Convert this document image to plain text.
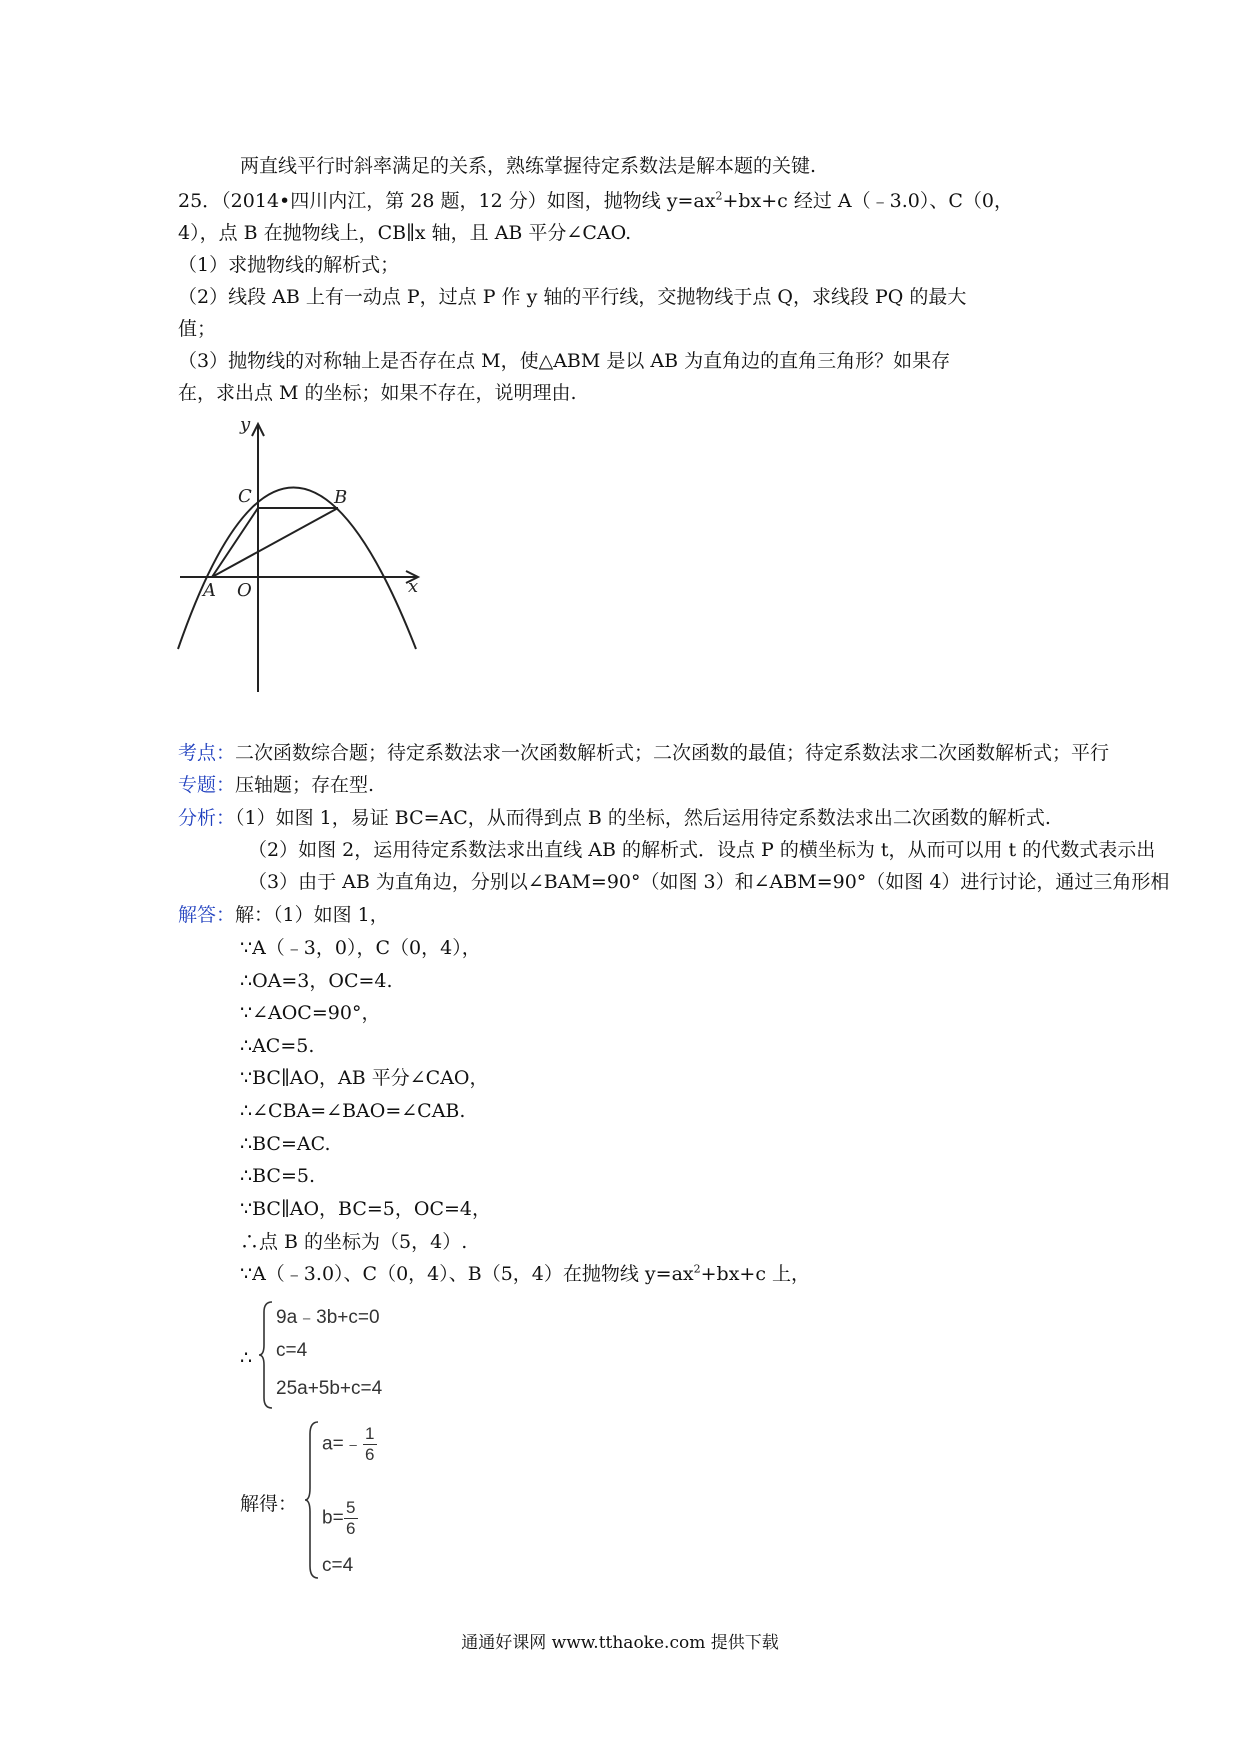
两直线平行时斜率满足的关系，熟练掌握待定系数法是解本题的关键.
25．（2014•四川内江，第 28 题，12 分）如图，抛物线 $y=ax^2+bx+c$ 经过 A（﹣3.0）、C（0，
4），点 B 在抛物线上，CB∥x 轴，且 AB 平分∠CAO.
（1）求抛物线的解析式；
（2）线段 AB 上有一动点 P，过点 P 作 y 轴的平行线，交抛物线于点 Q，求线段 PQ 的最大
值；
（3）抛物线的对称轴上是否存在点 M，使△ABM 是以 AB 为直角边的直角三角形？如果存
在，求出点 M 的坐标；如果不存在，说明理由.
y
x
C	B
A O
考点：二次函数综合题；待定系数法求一次函数解析式；二次函数的最值；待定系数法求二次函数解析式；平行
专题：压轴题；存在型.
分析：（1）如图 1，易证 BC=AC，从而得到点 B 的坐标，然后运用待定系数法求出二次函数的解析式.
（2）如图 2，运用待定系数法求出直线 AB 的解析式．设点 P 的横坐标为 t，从而可以用 t 的代数式表示出
（3）由于 AB 为直角边，分别以∠BAM=90°（如图 3）和∠ABM=90°（如图 4）进行讨论，通过三角形相
解答：解：（1）如图 1，
∵A（﹣3，0），C（0，4），
∴OA=3，OC=4.
∵∠AOC=90°，
∴AC=5.
∵BC∥AO，AB 平分∠CAO，
∴∠CBA=∠BAO=∠CAB.
∴BC=AC.
∴BC=5.
∵BC∥AO，BC=5，OC=4，
∴点 B 的坐标为（5，4）.
∵A（﹣3.0）、C（0，4）、B（5，4）在抛物线 $y=ax^2+bx+c$ 上，
∴
9a﹣3b+c=0
c=4
25a+5b+c=4
解得：
a=﹣ $\frac{1}{6}$
$b= \frac{5}{6}$
c=4
通通好课网 www.tthaoke.com 提供下载
